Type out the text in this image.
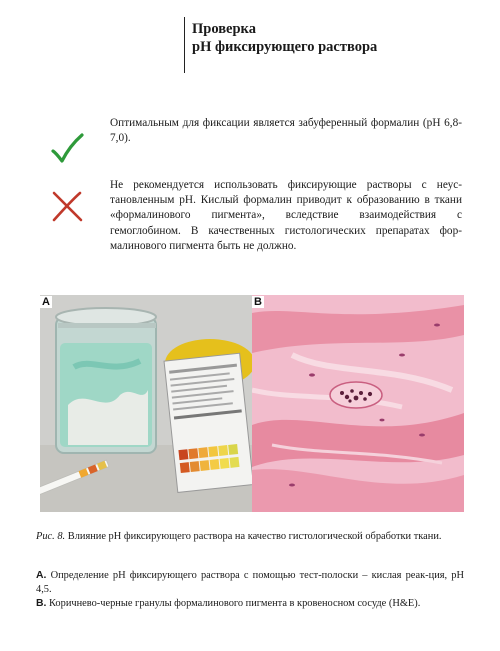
Проверка
рН фиксирующего раствора
Оптимальным для фиксации является забуференный формалин (рН 6,8-7,0).
Не рекомендуется использовать фиксирующие растворы с неус-тановленным рН. Кислый формалин приводит к образованию в ткани «формалинового пигмента», вследствие взаимодействия с гемоглобином. В качественных гистологических препаратах фор-малинового пигмента быть не должно.
A	B
Рис. 8. Влияние рН фиксирующего раствора на качество гистологической обработки ткани.
А. Определение рН фиксирующего раствора с помощью тест-полоски – кислая реак-ция, рН 4,5.
В. Коричнево-черные гранулы формалинового пигмента в кровеносном сосуде (H&E).
